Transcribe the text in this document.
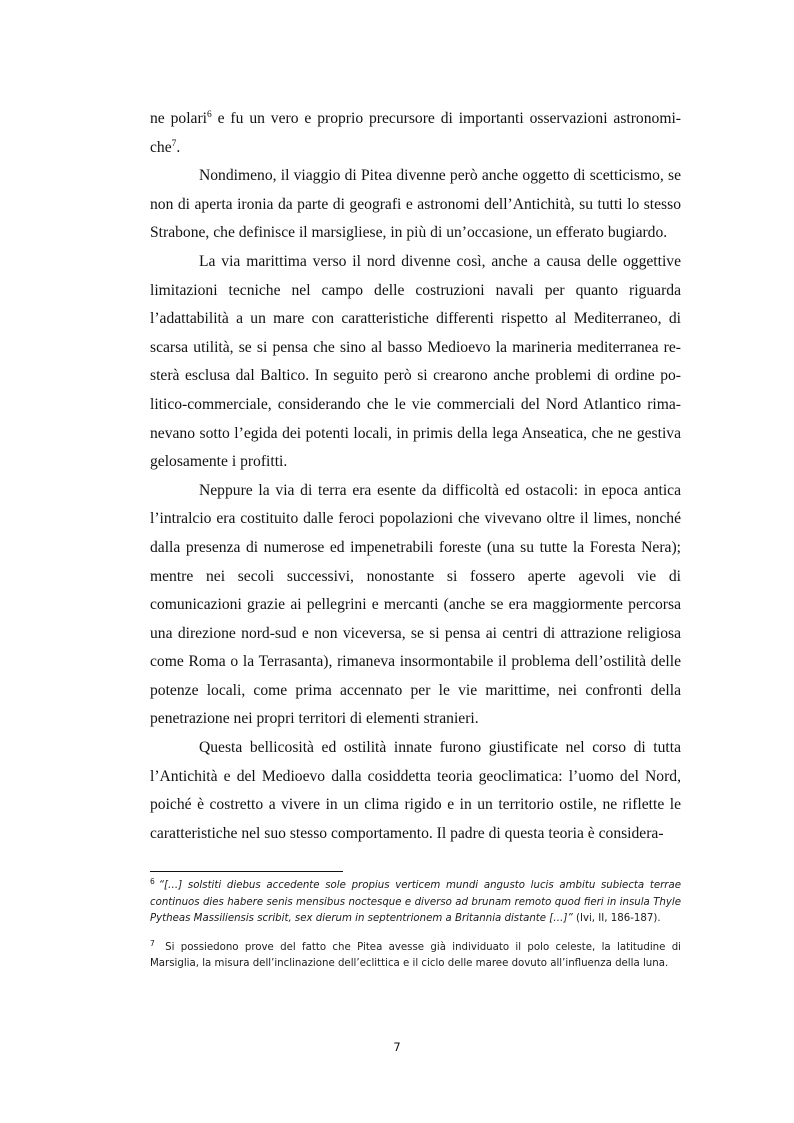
ne polari$^6$ e fu un vero e proprio precursore di importanti osservazioni astronomiche$^7$.

Nondimeno, il viaggio di Pitea divenne però anche oggetto di scetticismo, se non di aperta ironia da parte di geografi e astronomi dell’Antichità, su tutti lo stesso Strabone, che definisce il marsigliese, in più di un’occasione, un efferato bugiardo.

La via marittima verso il nord divenne così, anche a causa delle oggettive limitazioni tecniche nel campo delle costruzioni navali per quanto riguarda l’adattabilità a un mare con caratteristiche differenti rispetto al Mediterraneo, di scarsa utilità, se si pensa che sino al basso Medioevo la marineria mediterranea resterà esclusa dal Baltico. In seguito però si crearono anche problemi di ordine politico-commerciale, considerando che le vie commerciali del Nord Atlantico rimanevano sotto l’egida dei potenti locali, in primis della lega Anseatica, che ne gestiva gelosamente i profitti.

Neppure la via di terra era esente da difficoltà ed ostacoli: in epoca antica l’intralcio era costituito dalle feroci popolazioni che vivevano oltre il limes, nonché dalla presenza di numerose ed impenetrabili foreste (una su tutte la Foresta Nera); mentre nei secoli successivi, nonostante si fossero aperte agevoli vie di comunicazioni grazie ai pellegrini e mercanti (anche se era maggiormente percorsa una direzione nord-sud e non viceversa, se si pensa ai centri di attrazione religiosa come Roma o la Terrasanta), rimaneva insormontabile il problema dell’ostilità delle potenze locali, come prima accennato per le vie marittime, nei confronti della penetrazione nei propri territori di elementi stranieri.

Questa bellicosità ed ostilità innate furono giustificate nel corso di tutta l’Antichità e del Medioevo dalla cosiddetta teoria geoclimatica: l’uomo del Nord, poiché è costretto a vivere in un clima rigido e in un territorio ostile, ne riflette le caratteristiche nel suo stesso comportamento. Il padre di questa teoria è considera-

$^6$ “[…] solstiti diebus accedente sole propius verticem mundi angusto lucis ambitu subiecta terrae continuos dies habere senis mensibus noctesque e diverso ad brunam remoto quod fieri in insula Thyle Pytheas Massiliensis scribit, sex dierum in septentrionem a Britannia distante […]” (Ivi, II, 186-187).

$^7$ Si possiedono prove del fatto che Pitea avesse già individuato il polo celeste, la latitudine di Marsiglia, la misura dell’inclinazione dell’eclittica e il ciclo delle maree dovuto all’influenza della luna.

7
